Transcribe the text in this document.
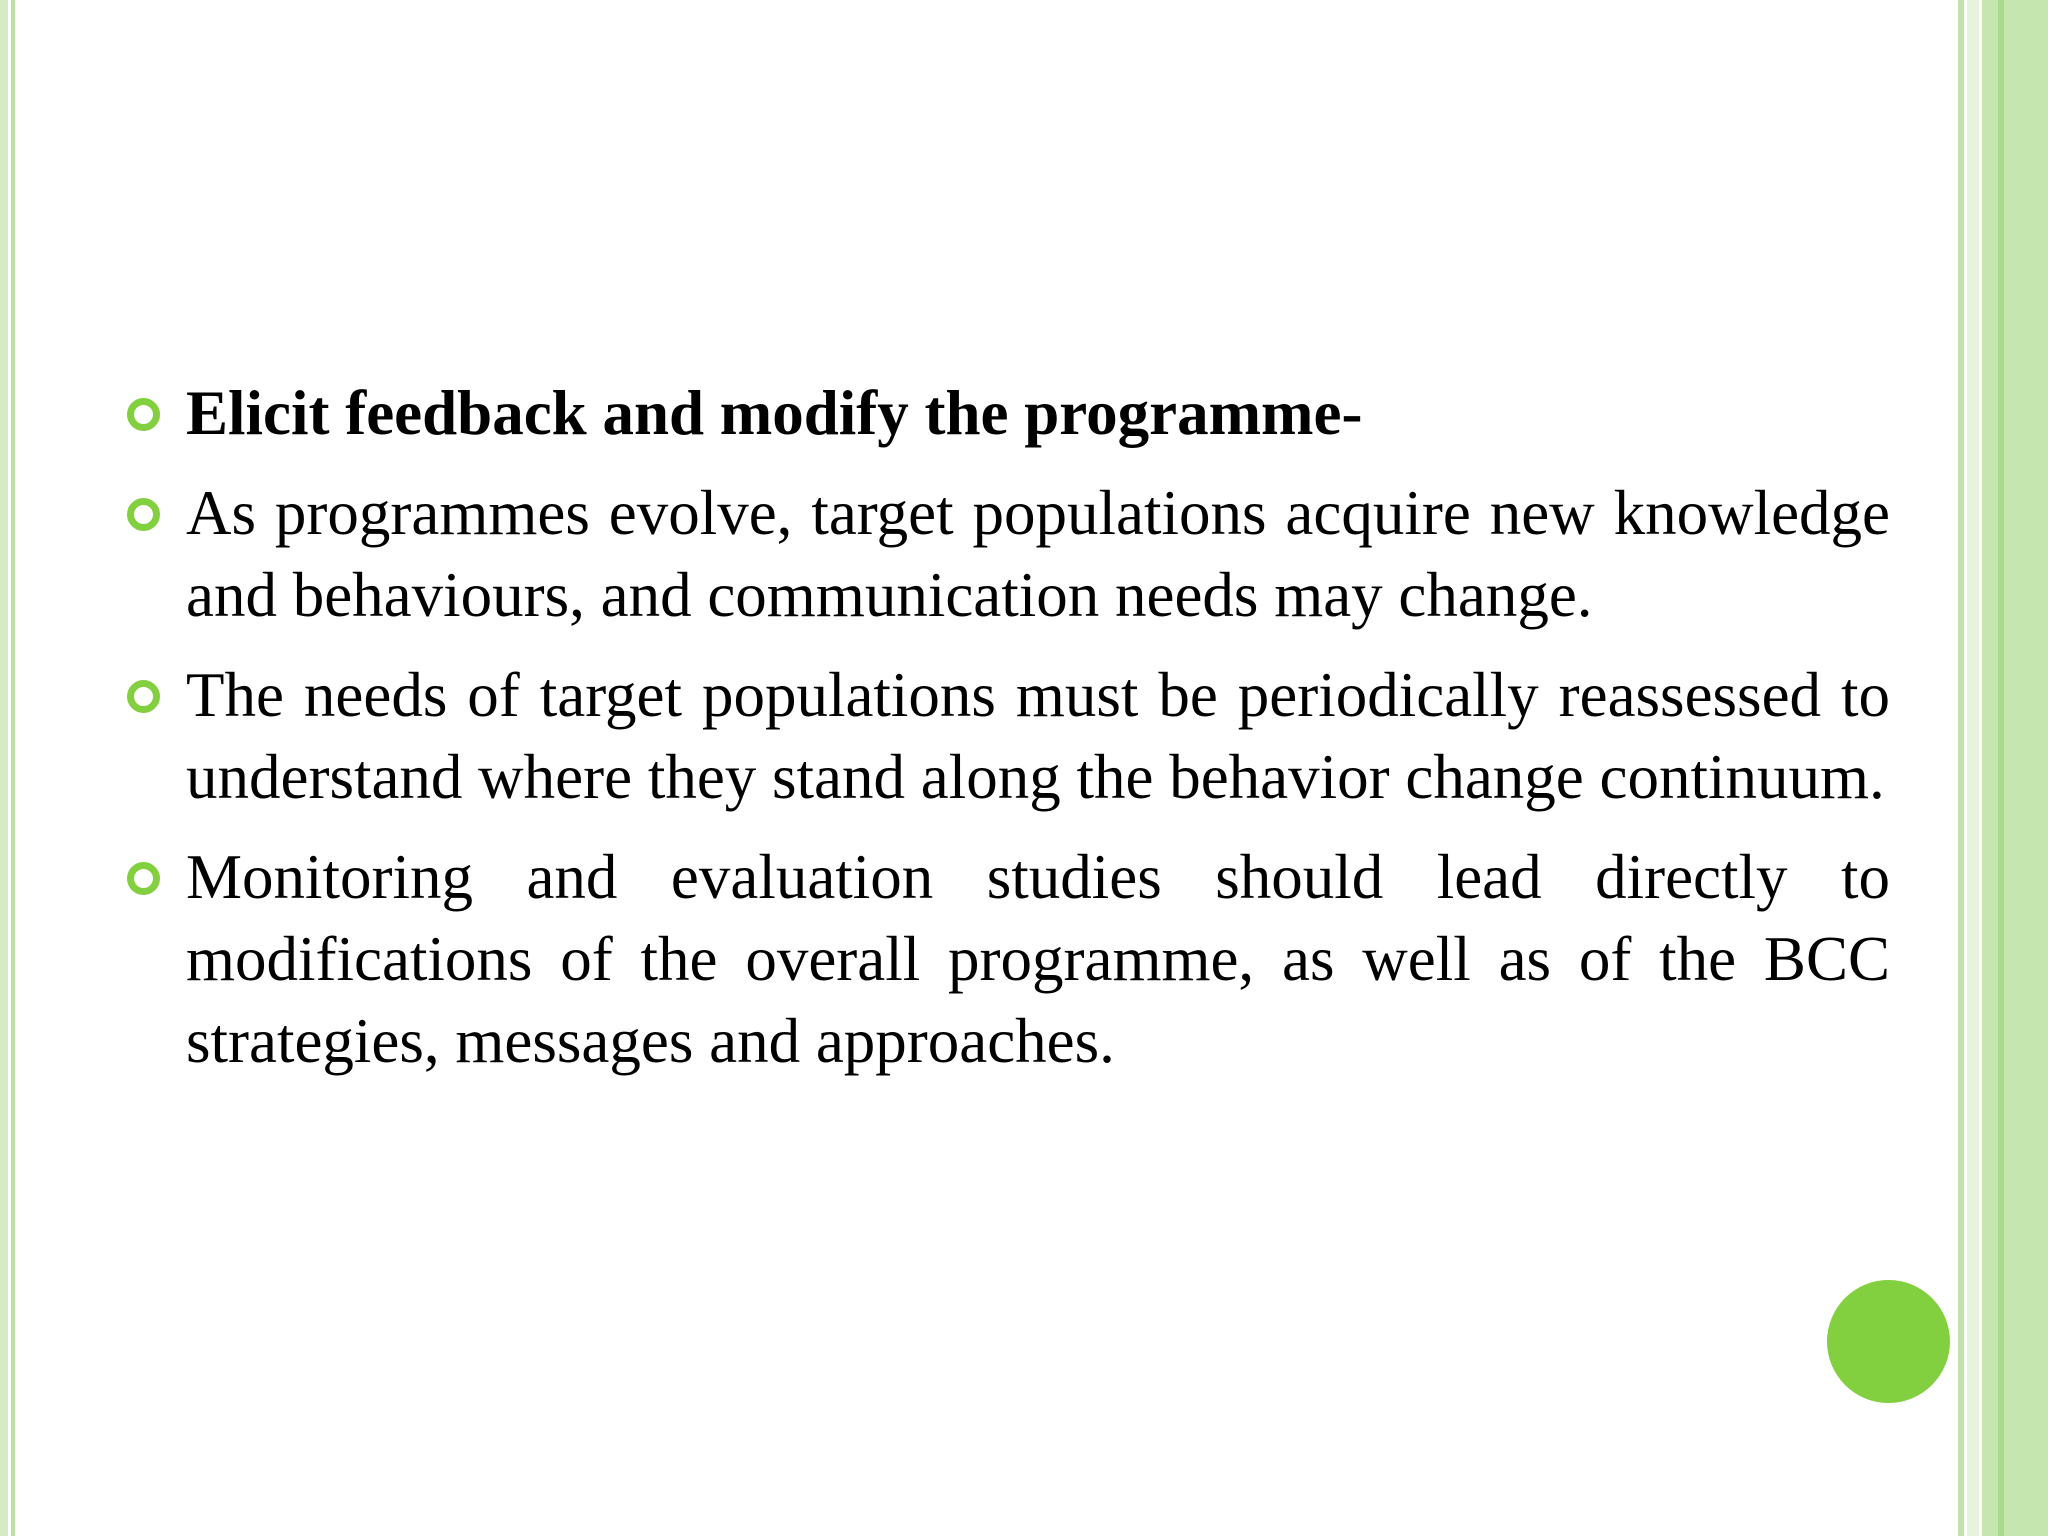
Elicit feedback and modify the programme-
As programmes evolve, target populations acquire new knowledge and behaviours, and communication needs may change.
The needs of target populations must be periodically reassessed to understand where they stand along the behavior change continuum.
Monitoring and evaluation studies should lead directly to modifications of the overall programme, as well as of the BCC strategies, messages and approaches.
